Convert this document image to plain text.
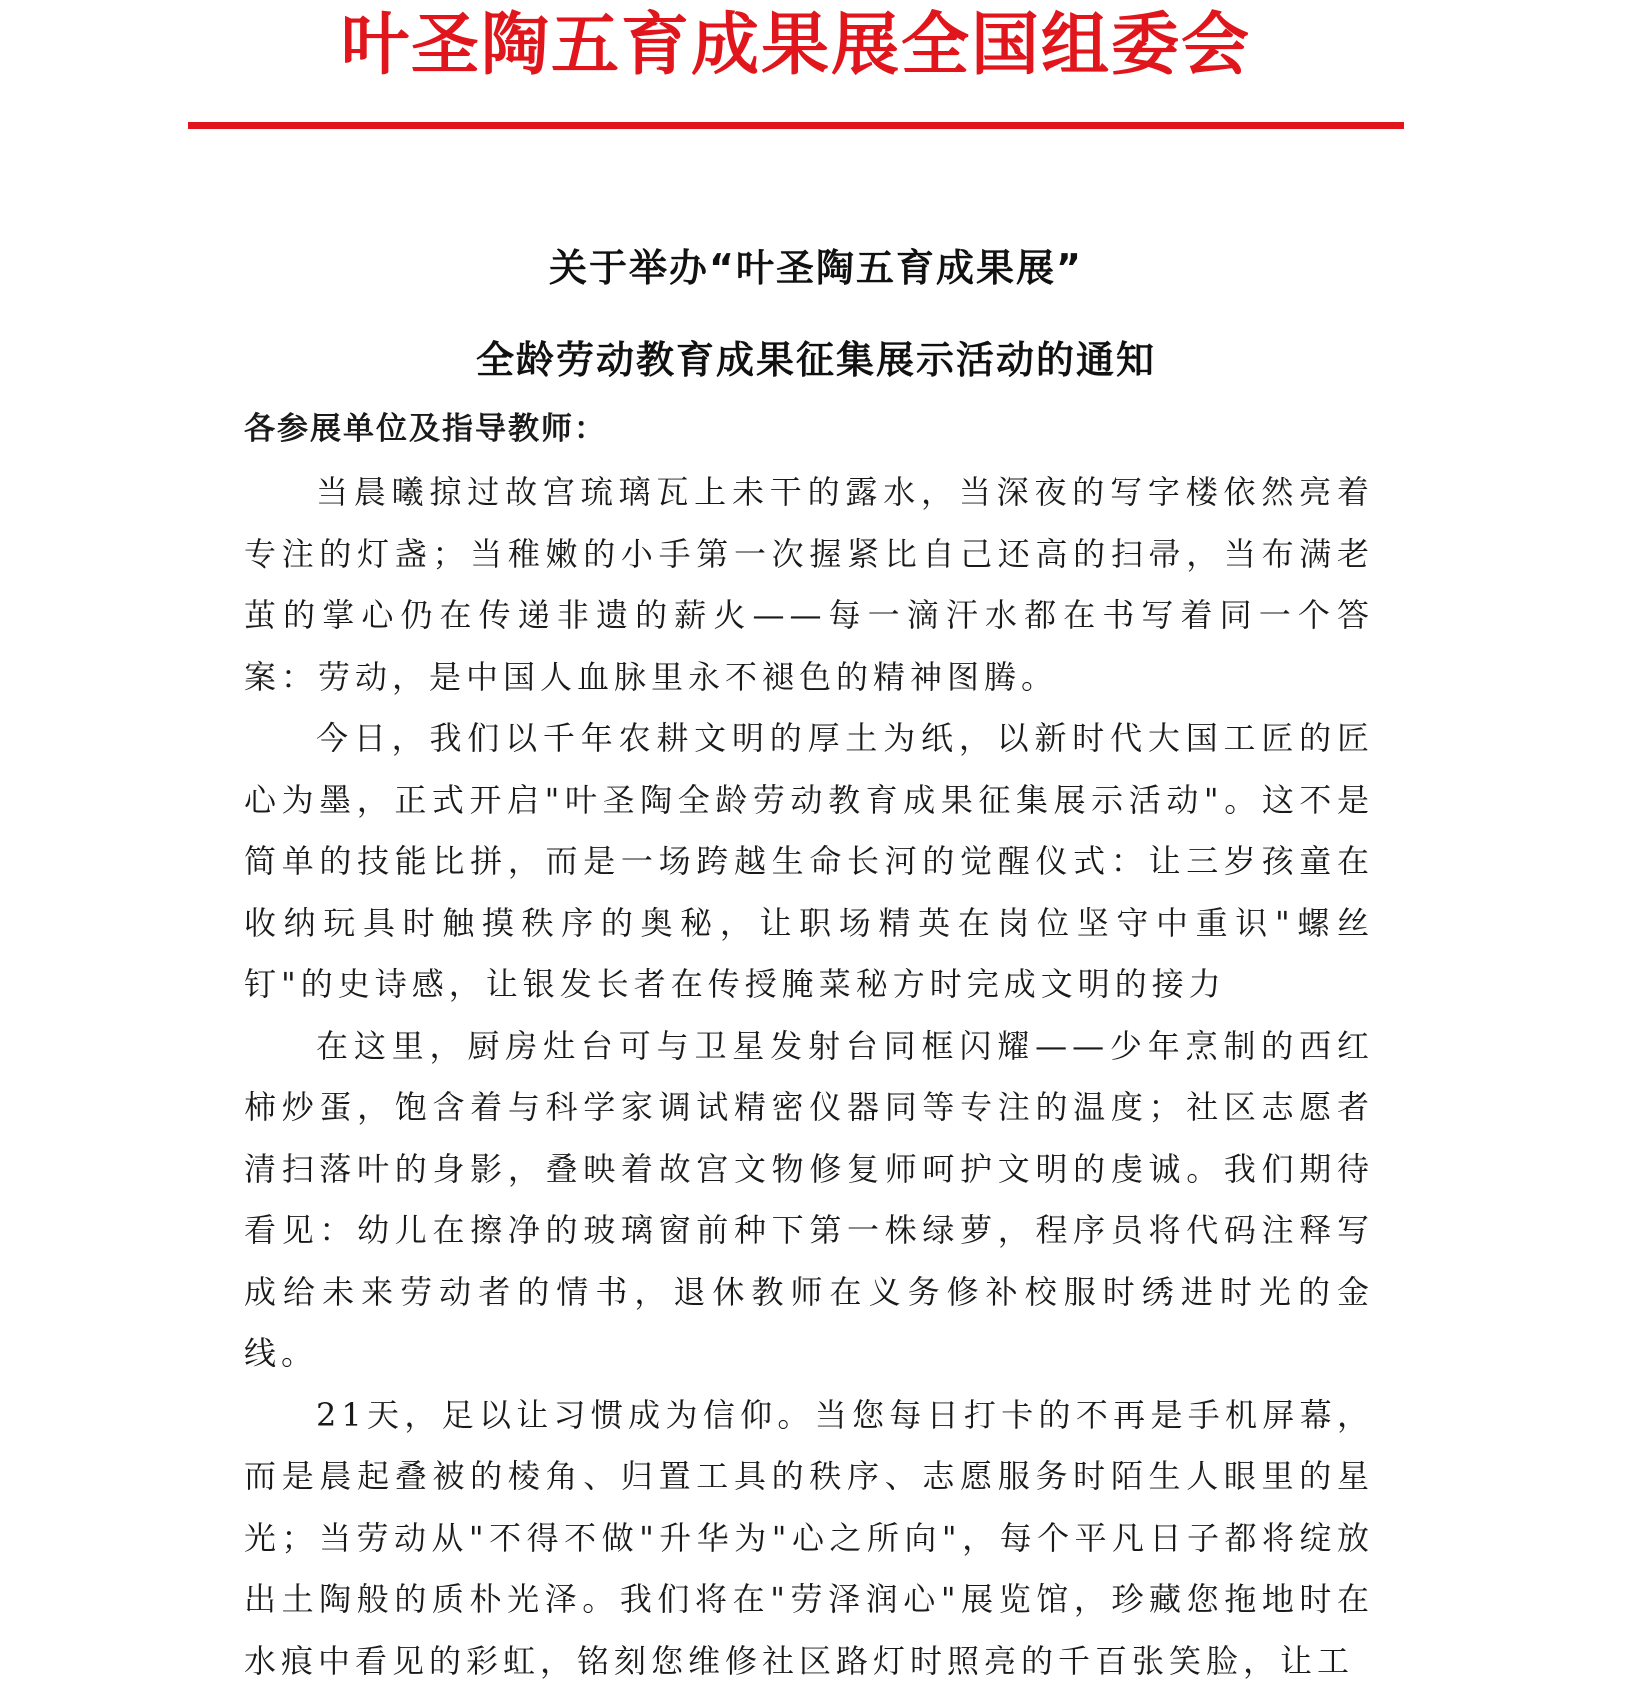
叶圣陶五育成果展全国组委会
关于举办“叶圣陶五育成果展”
全龄劳动教育成果征集展示活动的通知
各参展单位及指导教师：

当晨曦掠过故宫琉璃瓦上未干的露水，当深夜的写字楼依然亮着专注的灯盏；当稚嫩的小手第一次握紧比自己还高的扫帚，当布满老茧的掌心仍在传递非遗的薪火——每一滴汗水都在书写着同一个答案：劳动，是中国人血脉里永不褪色的精神图腾。

今日，我们以千年农耕文明的厚土为纸，以新时代大国工匠的匠心为墨，正式开启"叶圣陶全龄劳动教育成果征集展示活动"。这不是简单的技能比拼，而是一场跨越生命长河的觉醒仪式：让三岁孩童在收纳玩具时触摸秩序的奥秘，让职场精英在岗位坚守中重识"螺丝钉"的史诗感，让银发长者在传授腌菜秘方时完成文明的接力

在这里，厨房灶台可与卫星发射台同框闪耀——少年烹制的西红柿炒蛋，饱含着与科学家调试精密仪器同等专注的温度；社区志愿者清扫落叶的身影，叠映着故宫文物修复师呵护文明的虔诚。我们期待看见：幼儿在擦净的玻璃窗前种下第一株绿萝，程序员将代码注释写成给未来劳动者的情书，退休教师在义务修补校服时绣进时光的金线。

21天，足以让习惯成为信仰。当您每日打卡的不再是手机屏幕，而是晨起叠被的棱角、归置工具的秩序、志愿服务时陌生人眼里的星光；当劳动从"不得不做"升华为"心之所向"，每个平凡日子都将绽放出土陶般的质朴光泽。我们将在"劳泽润心"展览馆，珍藏您拖地时在水痕中看见的彩虹，铭刻您维修社区路灯时照亮的千百张笑脸，让工
